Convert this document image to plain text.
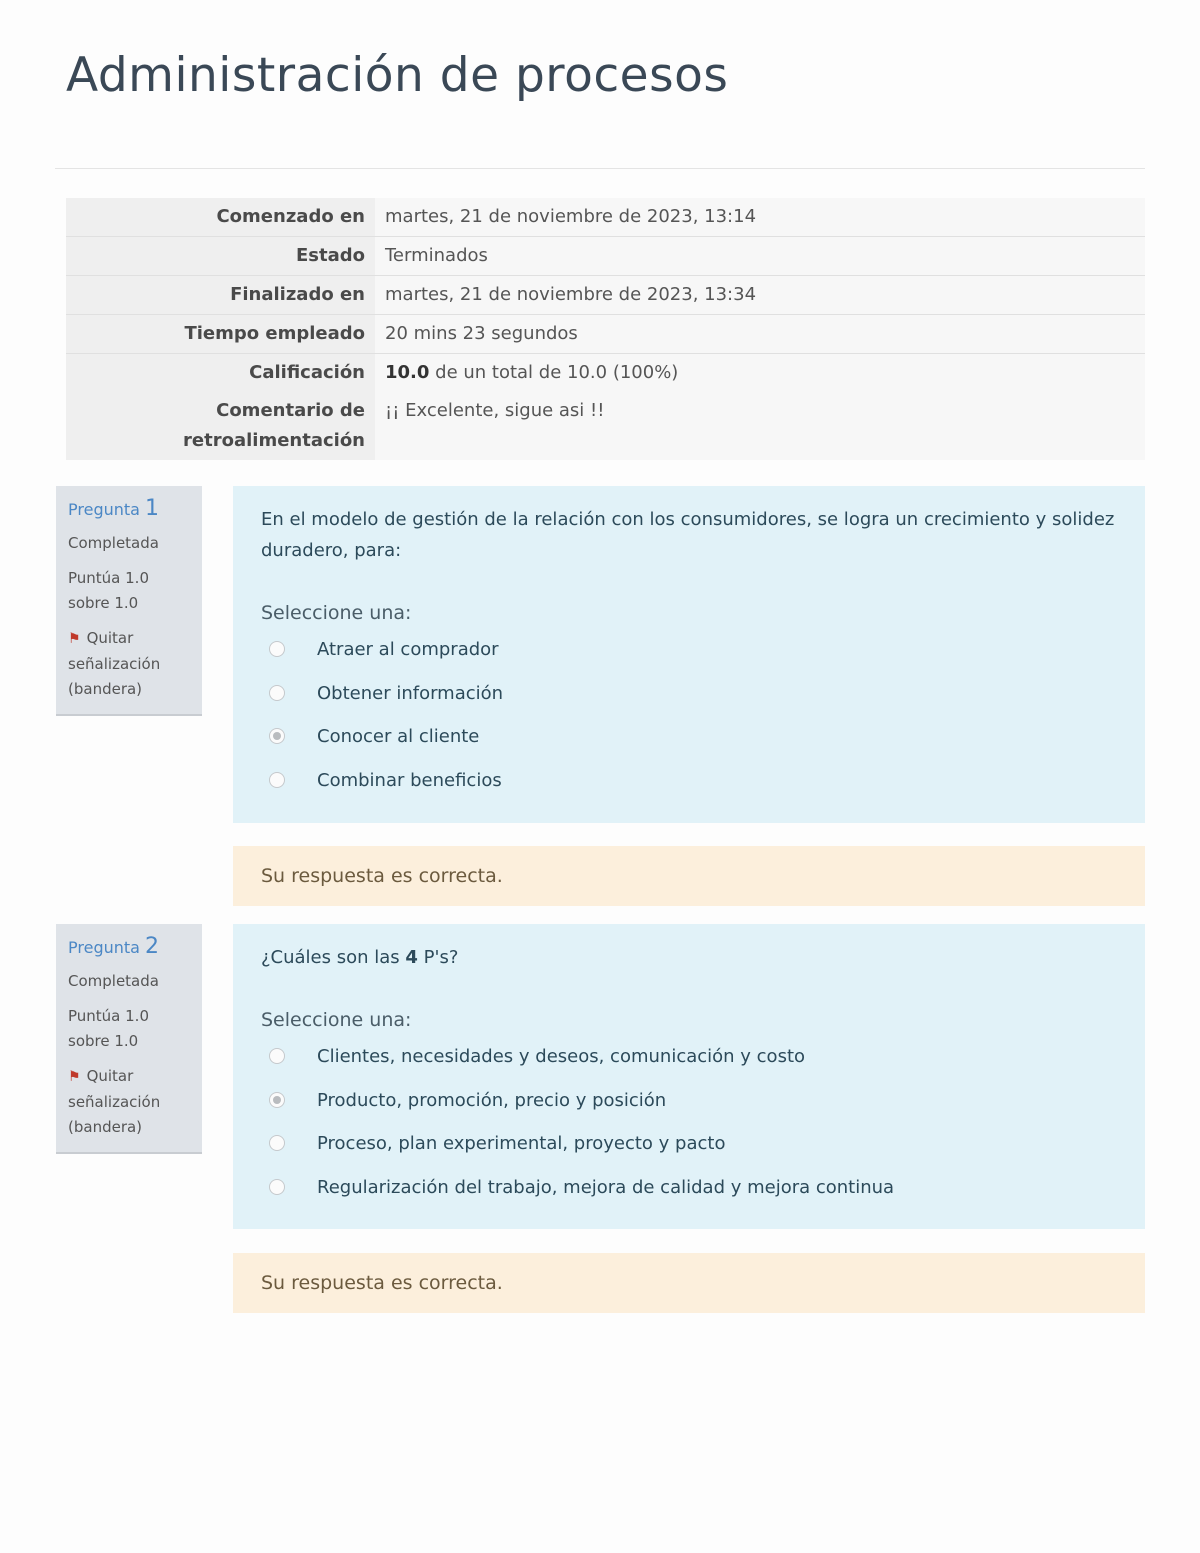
Administración de procesos
Comenzado en	martes, 21 de noviembre de 2023, 13:14
Estado	Terminados
Finalizado en	martes, 21 de noviembre de 2023, 13:34
Tiempo empleado	20 mins 23 segundos
Calificación	10.0 de un total de 10.0 (100%)
Comentario de retroalimentación	¡¡ Excelente, sigue asi !!
Pregunta 1
Completada
Puntúa 1.0 sobre 1.0
⚑ Quitar señalización (bandera)

En el modelo de gestión de la relación con los consumidores, se logra un crecimiento y solidez duradero, para:

Seleccione una:
Atraer al comprador
Obtener información
Conocer al cliente
Combinar beneficios
Su respuesta es correcta.
Pregunta 2
Completada
Puntúa 1.0 sobre 1.0
⚑ Quitar señalización (bandera)

¿Cuáles son las 4 P's?

Seleccione una:
Clientes, necesidades y deseos, comunicación y costo
Producto, promoción, precio y posición
Proceso, plan experimental, proyecto y pacto
Regularización del trabajo, mejora de calidad y mejora continua
Su respuesta es correcta.
